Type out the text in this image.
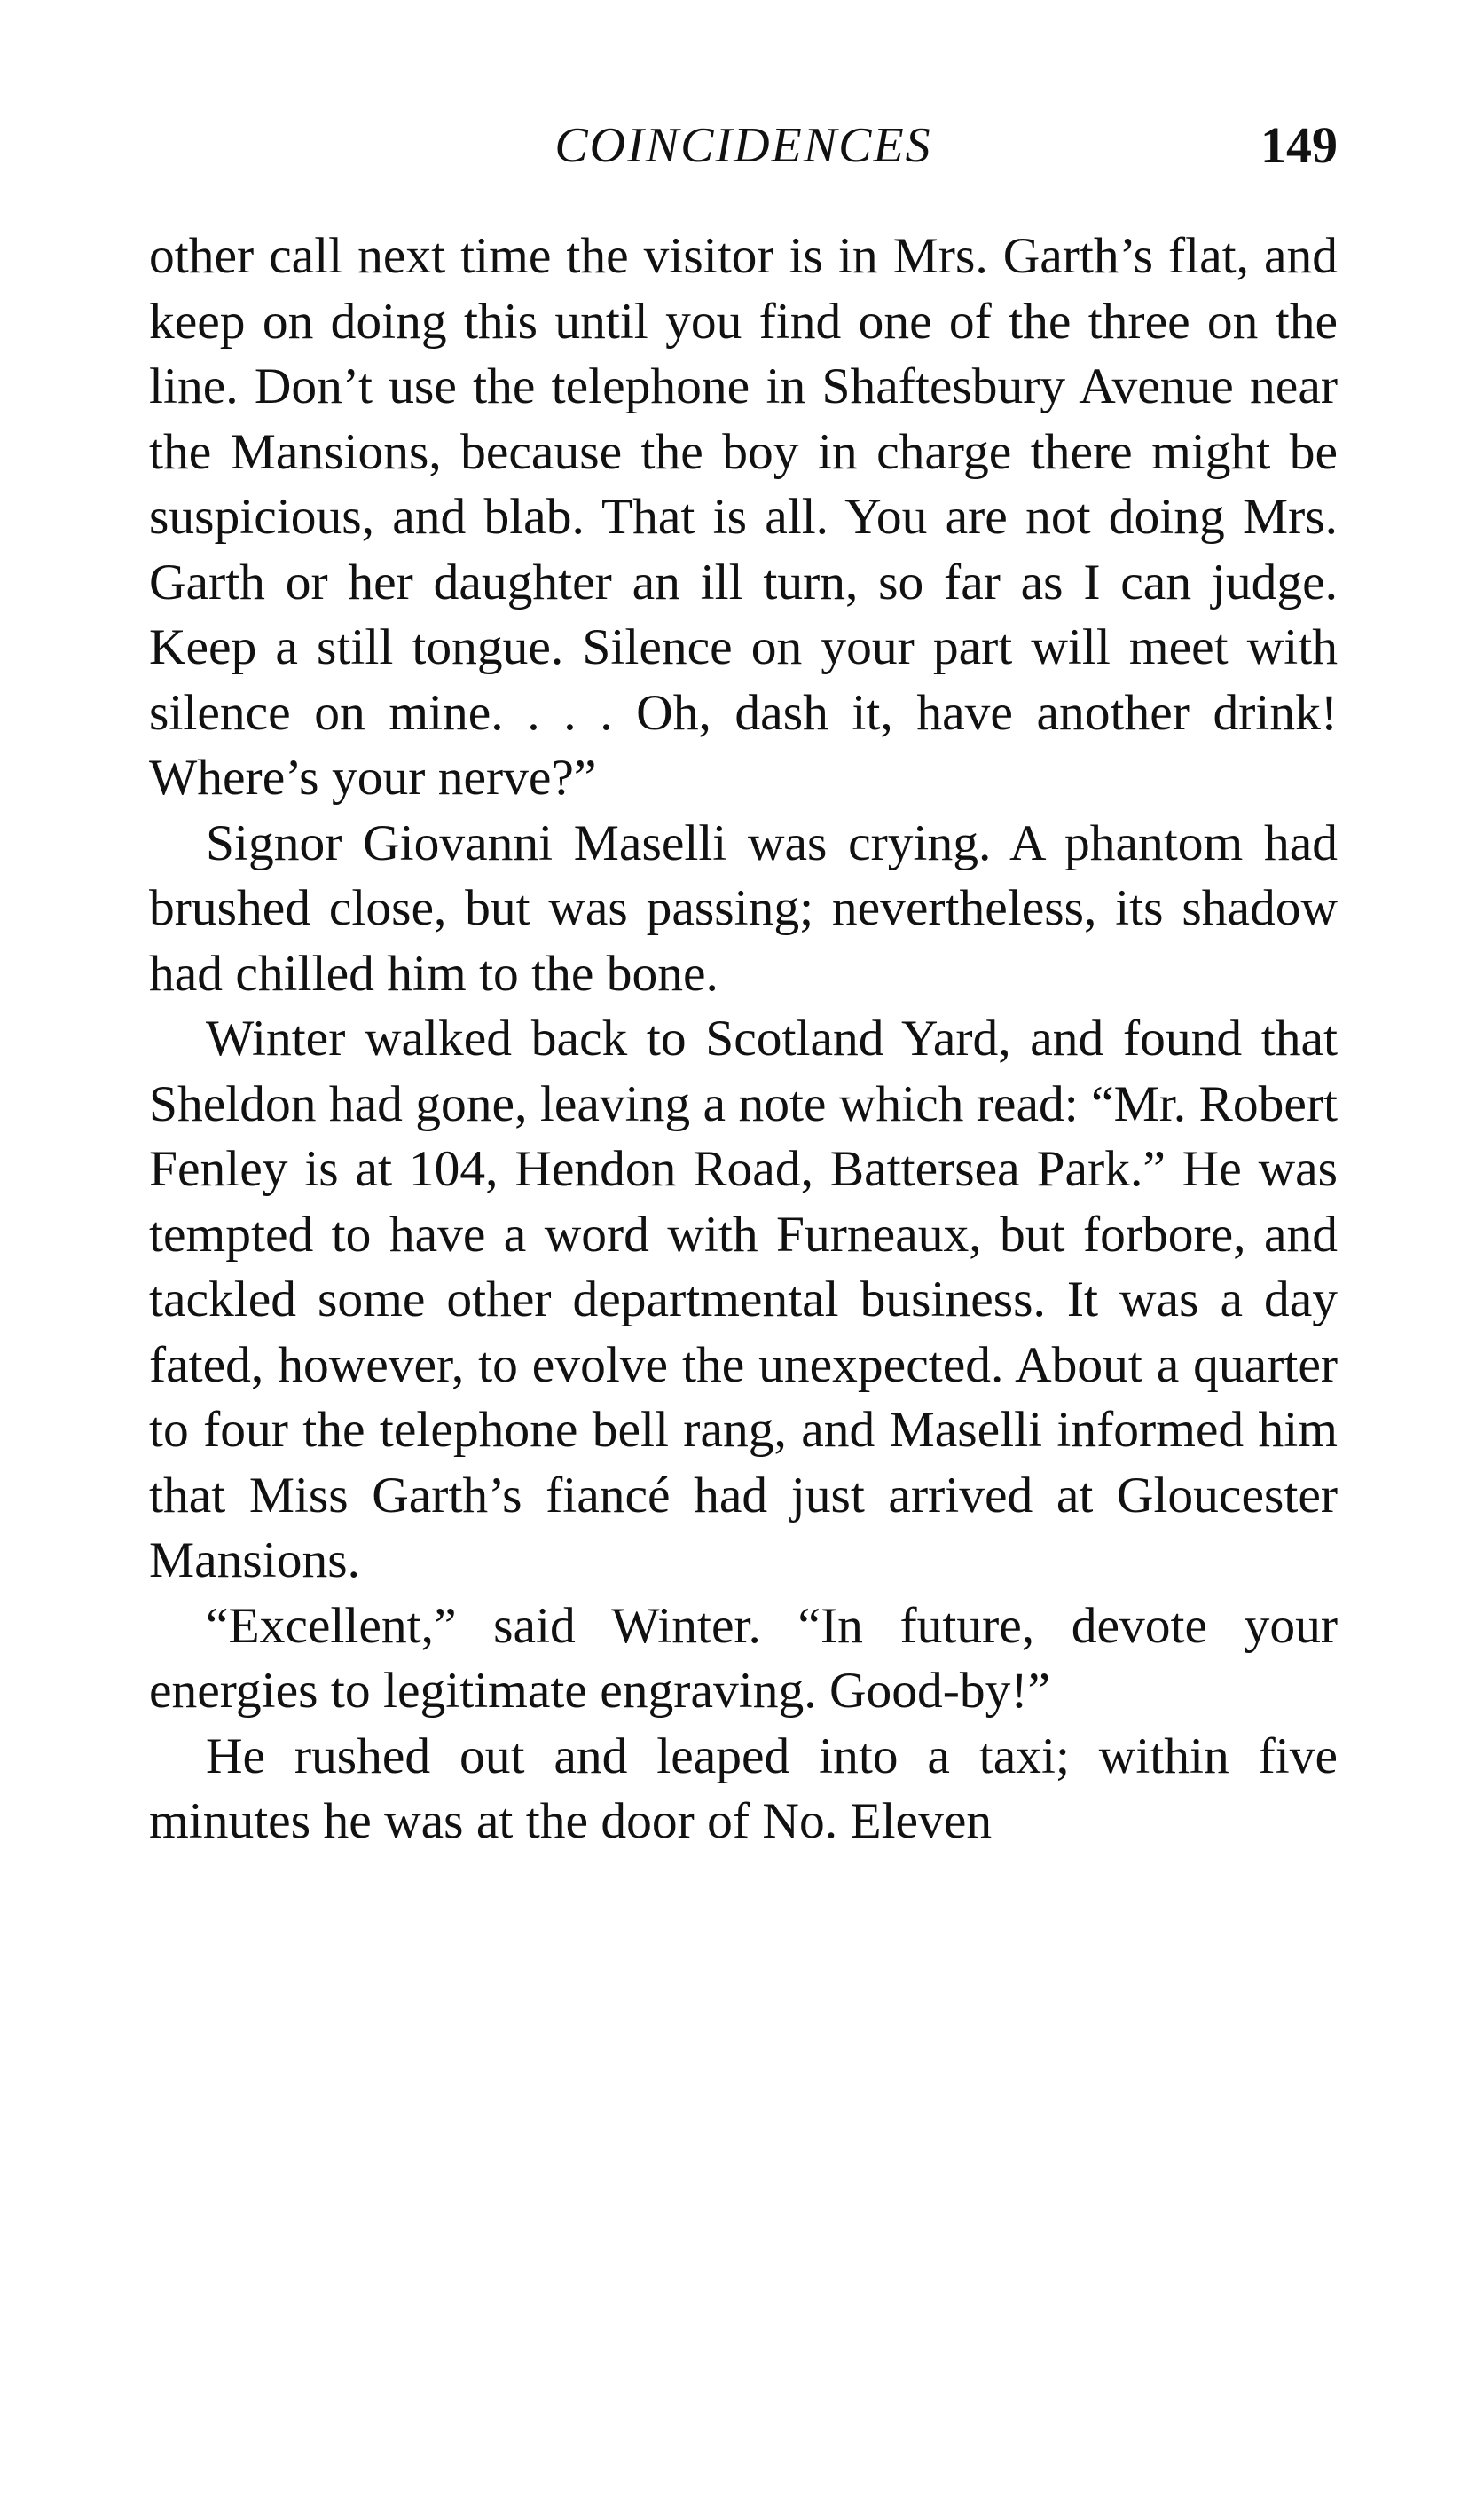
COINCIDENCES	149

other call next time the visitor is in Mrs. Garth’s flat, and keep on doing this until you find one of the three on the line. Don’t use the telephone in Shaftesbury Avenue near the Mansions, because the boy in charge there might be suspicious, and blab. That is all. You are not doing Mrs. Garth or her daughter an ill turn, so far as I can judge. Keep a still tongue. Silence on your part will meet with silence on mine. . . . Oh, dash it, have another drink! Where’s your nerve?”

Signor Giovanni Maselli was crying. A phantom had brushed close, but was passing; nevertheless, its shadow had chilled him to the bone.

Winter walked back to Scotland Yard, and found that Sheldon had gone, leaving a note which read: “Mr. Robert Fenley is at 104, Hendon Road, Battersea Park.” He was tempted to have a word with Furneaux, but forbore, and tackled some other departmental business. It was a day fated, however, to evolve the unexpected. About a quarter to four the telephone bell rang, and Maselli informed him that Miss Garth’s fiancé had just arrived at Gloucester Mansions.

“Excellent,” said Winter. “In future, devote your energies to legitimate engraving. Good-by!”

He rushed out and leaped into a taxi; within five minutes he was at the door of No. Eleven
